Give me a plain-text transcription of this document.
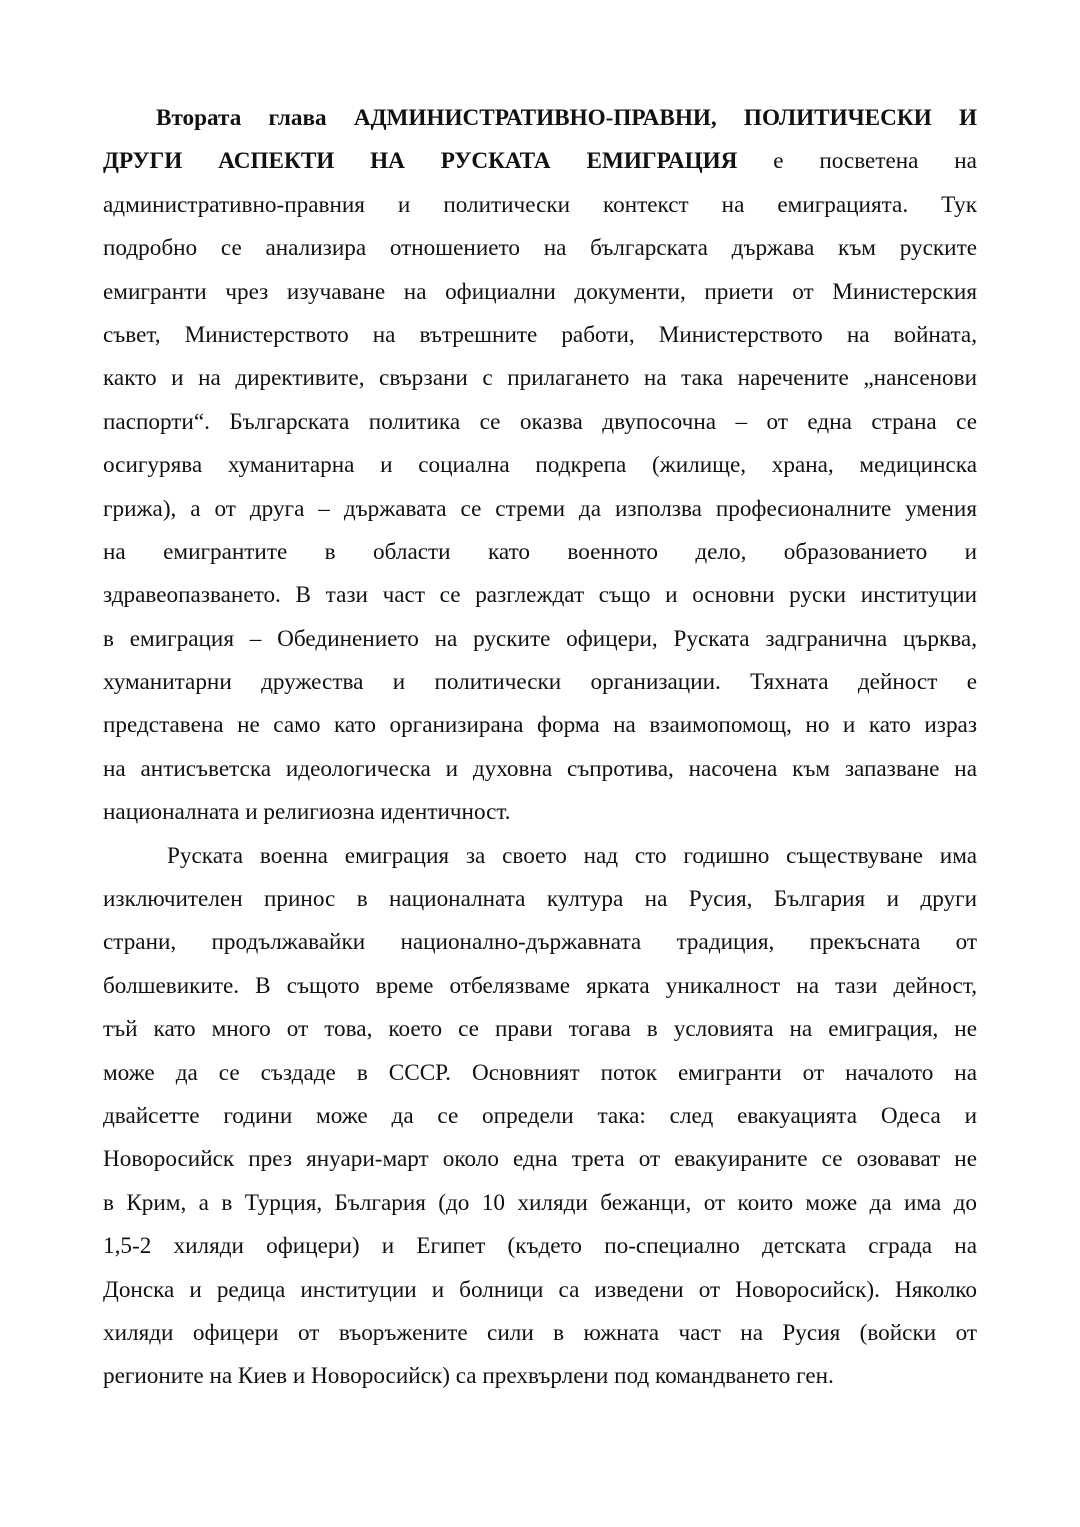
Втората глава АДМИНИСТРАТИВНО-ПРАВНИ, ПОЛИТИЧЕСКИ И
ДРУГИ АСПЕКТИ НА РУСКАТА ЕМИГРАЦИЯ е посветена на
административно-правния и политически контекст на емиграцията. Тук
подробно се анализира отношението на българската държава към руските
емигранти чрез изучаване на официални документи, приети от Министерския
съвет, Министерството на вътрешните работи, Министерството на войната,
както и на директивите, свързани с прилагането на така наречените „нансенови
паспорти“. Българската политика се оказва двупосочна – от една страна се
осигурява хуманитарна и социална подкрепа (жилище, храна, медицинска
грижа), а от друга – държавата се стреми да използва професионалните умения
на емигрантите в области като военното дело, образованието и
здравеопазването. В тази част се разглеждат също и основни руски институции
в емиграция – Обединението на руските офицери, Руската задгранична църква,
хуманитарни дружества и политически организации. Тяхната дейност е
представена не само като организирана форма на взаимопомощ, но и като израз
на антисъветска идеологическа и духовна съпротива, насочена към запазване на
националната и религиозна идентичност.
Руската военна емиграция за своето над сто годишно съществуване има
изключителен принос в националната култура на Русия, България и други
страни, продължавайки национално-държавната традиция, прекъсната от
болшевиките. В същото време отбелязваме ярката уникалност на тази дейност,
тъй като много от това, което се прави тогава в условията на емиграция, не
може да се създаде в СССР. Основният поток емигранти от началото на
двайсетте години може да се определи така: след евакуацията Одеса и
Новоросийск през януари-март около една трета от евакуираните се озовават не
в Крим, а в Турция, България (до 10 хиляди бежанци, от които може да има до
1,5-2 хиляди офицери) и Египет (където по-специално детската сграда на
Донска и редица институции и болници са изведени от Новоросийск). Няколко
хиляди офицери от въоръжените сили в южната част на Русия (войски от
регионите на Киев и Новоросийск) са прехвърлени под командването ген.
